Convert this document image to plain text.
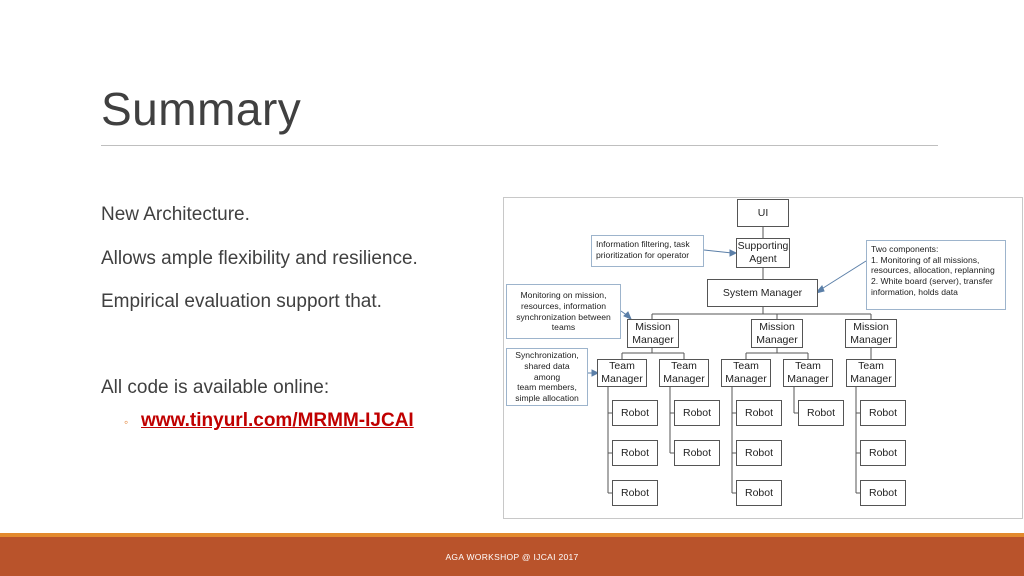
Summary
New Architecture.
Allows ample flexibility and resilience.
Empirical evaluation support that.
All code is available online:
◦ www.tinyurl.com/MRMM-IJCAI
UI
Supporting
Agent
System Manager
Mission
Manager
Mission
Manager
Mission
Manager
Team
Manager
Team
Manager
Team
Manager
Team
Manager
Team
Manager
Robot	Robot	Robot	Robot	Robot
Robot	Robot	Robot	Robot
Robot	Robot	Robot
Information filtering, task
prioritization for operator
Monitoring on mission,
resources, information
synchronization between
teams
Synchronization,
shared data among
team members,
simple allocation
Two components:
1. Monitoring of all missions,
resources, allocation, replanning
2. White board (server), transfer
information, holds data
AGA WORKSHOP @ IJCAI 2017
